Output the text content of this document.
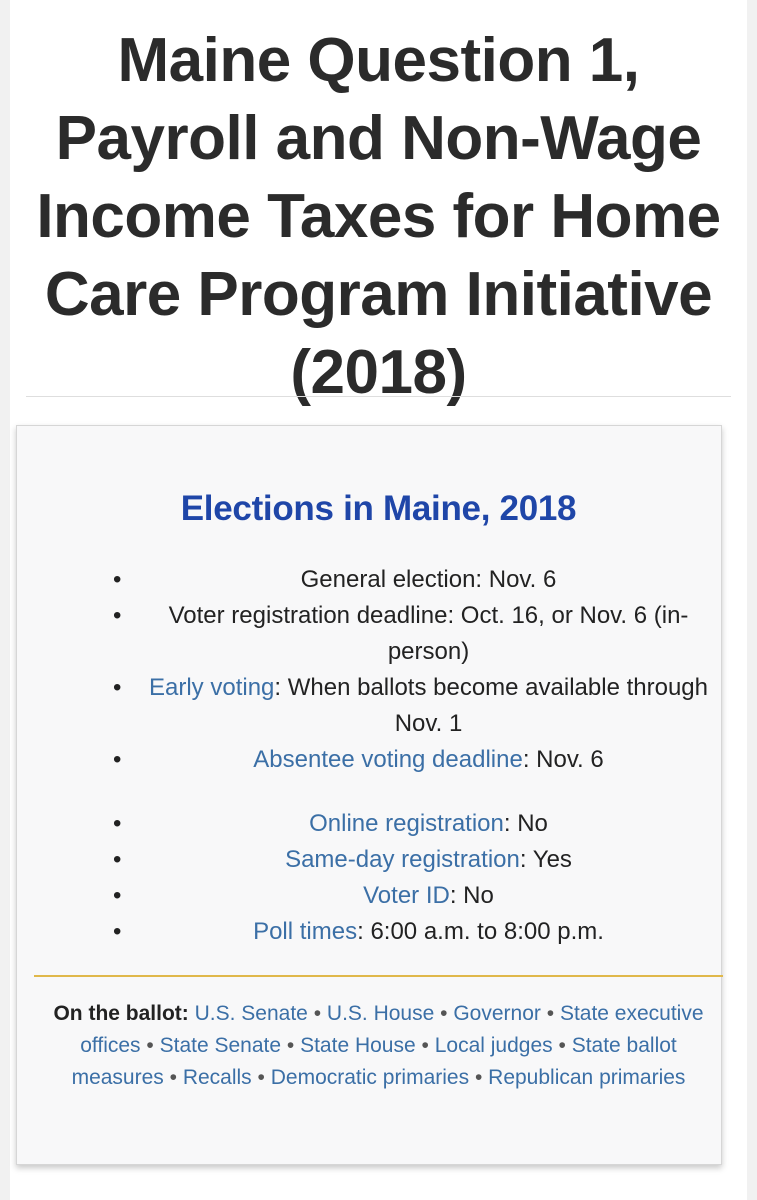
Maine Question 1,
Payroll and Non-Wage
Income Taxes for Home
Care Program Initiative
(2018)
Elections in Maine, 2018
•	General election: Nov. 6
• Voter registration deadline: Oct. 16, or Nov. 6 (in-person)
• Early voting: When ballots become available through Nov. 1
•	Absentee voting deadline: Nov. 6
•	Online registration: No
•	Same-day registration: Yes
•	Voter ID: No
•	Poll times: 6:00 a.m. to 8:00 p.m.
On the ballot: U.S. Senate • U.S. House • Governor • State executive offices • State Senate • State House • Local judges • State ballot measures • Recalls • Democratic primaries • Republican primaries
